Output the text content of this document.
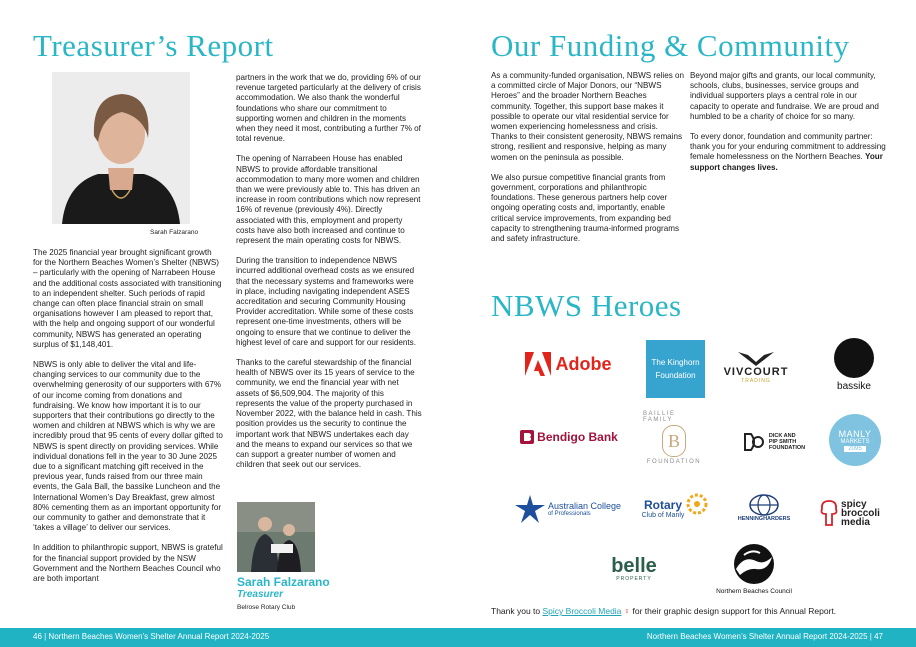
Treasurer’s Report
Sarah Falzarano

The 2025 financial year brought significant growth for the Northern Beaches Women’s Shelter (NBWS) – particularly with the opening of Narrabeen House and the additional costs associated with transitioning to an independent shelter. Such periods of rapid change can often place financial strain on small organisations however I am pleased to report that, with the help and ongoing support of our wonderful community, NBWS has generated an operating surplus of $1,148,401.

NBWS is only able to deliver the vital and life-changing services to our community due to the overwhelming generosity of our supporters with 67% of our income coming from donations and fundraising. We know how important it is to our supporters that their contributions go directly to the women and children at NBWS which is why we are incredibly proud that 95 cents of every dollar gifted to NBWS is spent directly on providing services. While individual donations fell in the year to 30 June 2025 due to a significant matching gift received in the previous year, funds raised from our three main events, the Gala Ball, the bassike Luncheon and the International Women’s Day Breakfast, grew almost 80% cementing them as an important opportunity for our community to gather and demonstrate that it ‘takes a village’ to deliver our services.

In addition to philanthropic support, NBWS is grateful for the financial support provided by the NSW Government and the Northern Beaches Council who are both important

partners in the work that we do, providing 6% of our revenue targeted particularly at the delivery of crisis accommodation. We also thank the wonderful foundations who share our commitment to supporting women and children in the moments when they need it most, contributing a further 7% of total revenue.

The opening of Narrabeen House has enabled NBWS to provide affordable transitional accommodation to many more women and children than we were previously able to. This has driven an increase in room contributions which now represent 16% of revenue (previously 4%). Directly associated with this, employment and property costs have also both increased and continue to represent the main operating costs for NBWS.

During the transition to independence NBWS incurred additional overhead costs as we ensured that the necessary systems and frameworks were in place, including navigating independent ASES accreditation and securing Community Housing Provider accreditation. While some of these costs represent one-time investments, others will be ongoing to ensure that we continue to deliver the highest level of care and support for our residents.

Thanks to the careful stewardship of the financial health of NBWS over its 15 years of service to the community, we end the financial year with net assets of $6,509,904. The majority of this represents the value of the property purchased in November 2022, with the balance held in cash. This position provides us the security to continue the important work that NBWS undertakes each day and the means to expand our services so that we can support a greater number of women and children that seek out our services.

Sarah Falzarano
Treasurer
Belrose Rotary Club
Our Funding & Community

As a community-funded organisation, NBWS relies on a committed circle of Major Donors, our “NBWS Heroes” and the broader Northern Beaches community. Together, this support base makes it possible to operate our vital residential service for women experiencing homelessness and crisis. Thanks to their consistent generosity, NBWS remains strong, resilient and responsive, helping as many women on the peninsula as possible.

We also pursue competitive financial grants from government, corporations and philanthropic foundations. These generous partners help cover ongoing operating costs and, importantly, enable critical service improvements, from expanding bed capacity to strengthening trauma-informed programs and safety infrastructure.

Beyond major gifts and grants, our local community, schools, clubs, businesses, service groups and individual supporters plays a central role in our capacity to operate and fundraise. We are proud and humbled to be a charity of choice for so many.

To every donor, foundation and community partner: thank you for your enduring commitment to addressing female homelessness on the Northern Beaches. Your support changes lives.

NBWS Heroes
Adobe	The Kinghorn
Foundation	VIVCOURT
TRADING	bassike
Bendigo Bank
BAILLIE FAMILY
B
FOUNDATION
DICK AND
PIP SMITH
FOUNDATION
MANLY
MARKETS
2095
Australian College
of Professionals
Rotary
Club of Manly
HENNINGHARDERS
spicy
broccoli
media
belle
PROPERTY
Northern Beaches Council
Thank you to Spicy Broccoli Media ♀ for their graphic design support for this Annual Report.
46 | Northern Beaches Women’s Shelter Annual Report 2024-2025	Northern Beaches Women’s Shelter Annual Report 2024-2025 | 47
